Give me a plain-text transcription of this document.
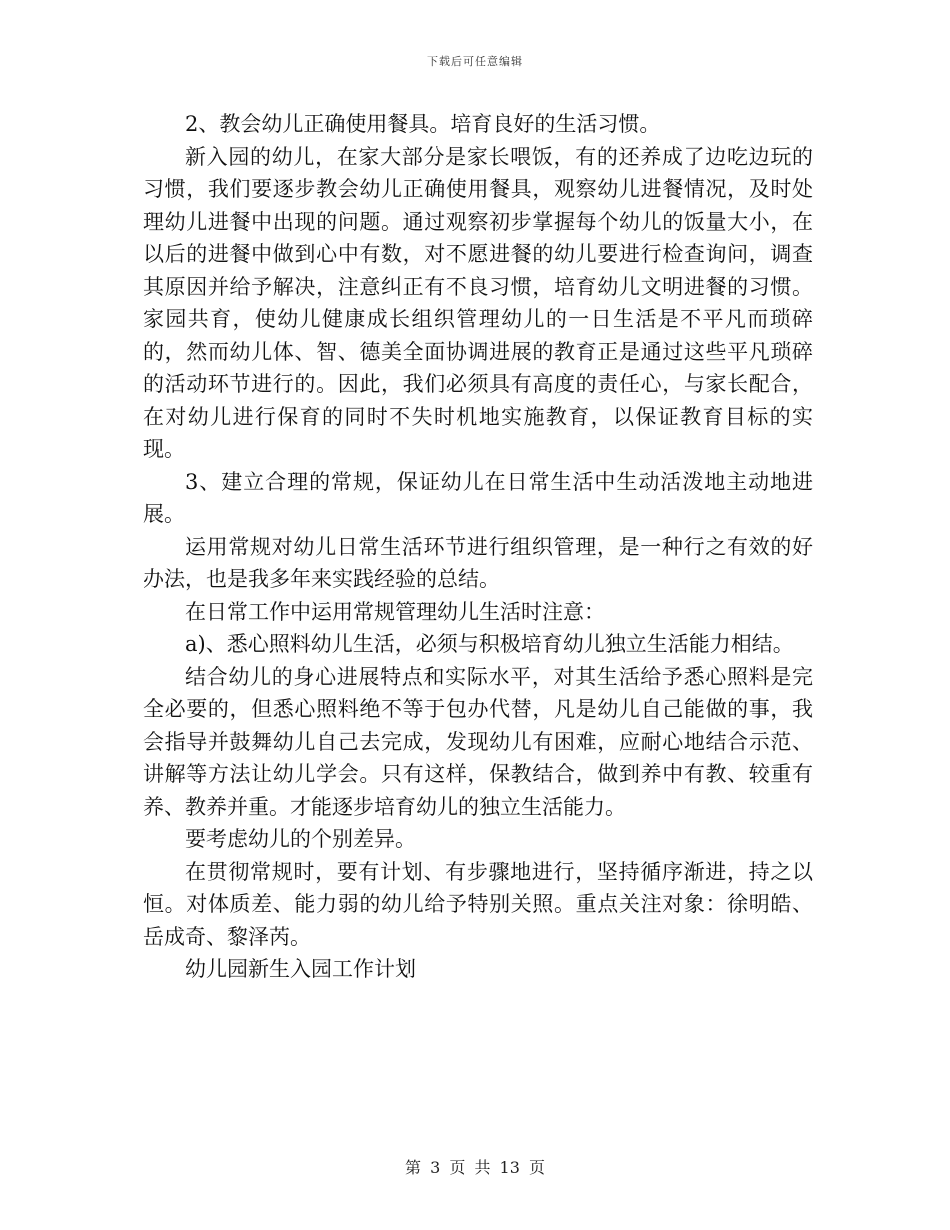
下载后可任意编辑

2、教会幼儿正确使用餐具。培育良好的生活习惯。

新入园的幼儿，在家大部分是家长喂饭，有的还养成了边吃边玩的习惯，我们要逐步教会幼儿正确使用餐具，观察幼儿进餐情况，及时处理幼儿进餐中出现的问题。通过观察初步掌握每个幼儿的饭量大小，在以后的进餐中做到心中有数，对不愿进餐的幼儿要进行检查询问，调查其原因并给予解决，注意纠正有不良习惯，培育幼儿文明进餐的习惯。家园共育，使幼儿健康成长组织管理幼儿的一日生活是不平凡而琐碎的，然而幼儿体、智、德美全面协调进展的教育正是通过这些平凡琐碎的活动环节进行的。因此，我们必须具有高度的责任心，与家长配合，在对幼儿进行保育的同时不失时机地实施教育，以保证教育目标的实现。

3、建立合理的常规，保证幼儿在日常生活中生动活泼地主动地进展。

运用常规对幼儿日常生活环节进行组织管理，是一种行之有效的好办法，也是我多年来实践经验的总结。

在日常工作中运用常规管理幼儿生活时注意：

a)、悉心照料幼儿生活，必须与积极培育幼儿独立生活能力相结。

结合幼儿的身心进展特点和实际水平，对其生活给予悉心照料是完全必要的，但悉心照料绝不等于包办代替，凡是幼儿自己能做的事，我会指导并鼓舞幼儿自己去完成，发现幼儿有困难，应耐心地结合示范、讲解等方法让幼儿学会。只有这样，保教结合，做到养中有教、较重有养、教养并重。才能逐步培育幼儿的独立生活能力。

要考虑幼儿的个别差异。

在贯彻常规时，要有计划、有步骤地进行，坚持循序渐进，持之以恒。对体质差、能力弱的幼儿给予特别关照。重点关注对象：徐明皓、岳成奇、黎泽芮。

幼儿园新生入园工作计划

第 3 页 共 13 页
